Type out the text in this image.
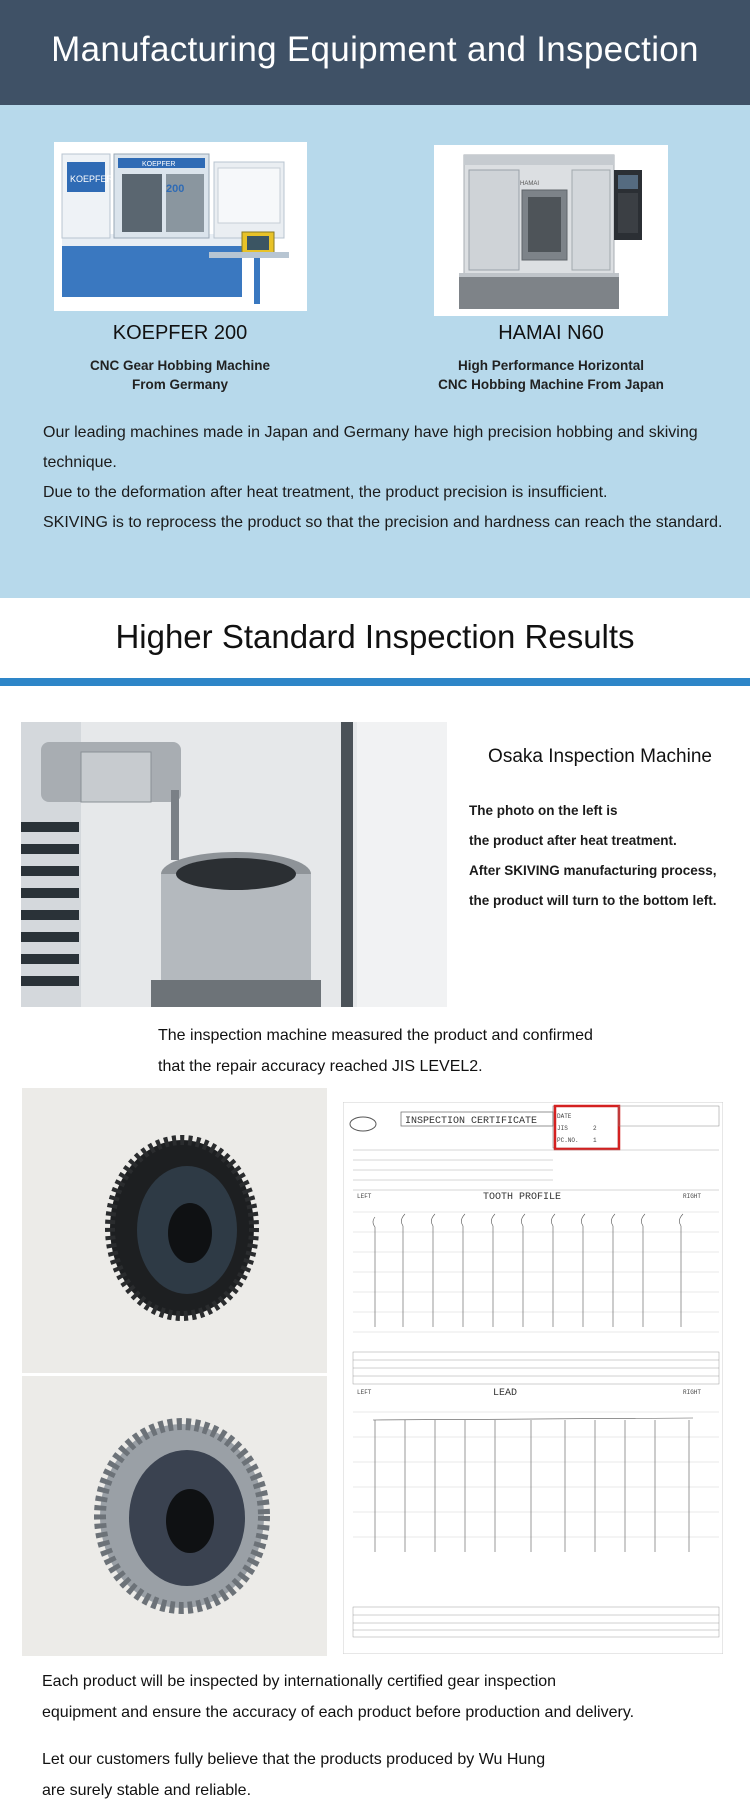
Manufacturing Equipment and Inspection
KOEPFER
KOEPFER
200	HAMAI
KOEPFER 200
CNC Gear Hobbing Machine
From Germany
HAMAI N60
High Performance Horizontal
CNC Hobbing Machine From Japan

Our leading machines made in Japan and Germany have high precision hobbing and skiving technique.

Due to the deformation after heat treatment, the product precision is insufficient.

SKIVING is to reprocess the product so that the precision and hardness can reach the standard.

Higher Standard Inspection Results
Osaka Inspection Machine
The photo on the left is
the product after heat treatment.
After SKIVING manufacturing process,
the product will turn to the bottom left.
The inspection machine measured the product and confirmed
that the repair accuracy reached JIS LEVEL2.
INSPECTION CERTIFICATE	DATE
JIS	2
PC.NO. 1
LEFT	TOOTH PROFILE	RIGHT
LEFT	LEAD	RIGHT
Each product will be inspected by internationally certified gear inspection
equipment and ensure the accuracy of each product before production and delivery.
Let our customers fully believe that the products produced by Wu Hung
are surely stable and reliable.
